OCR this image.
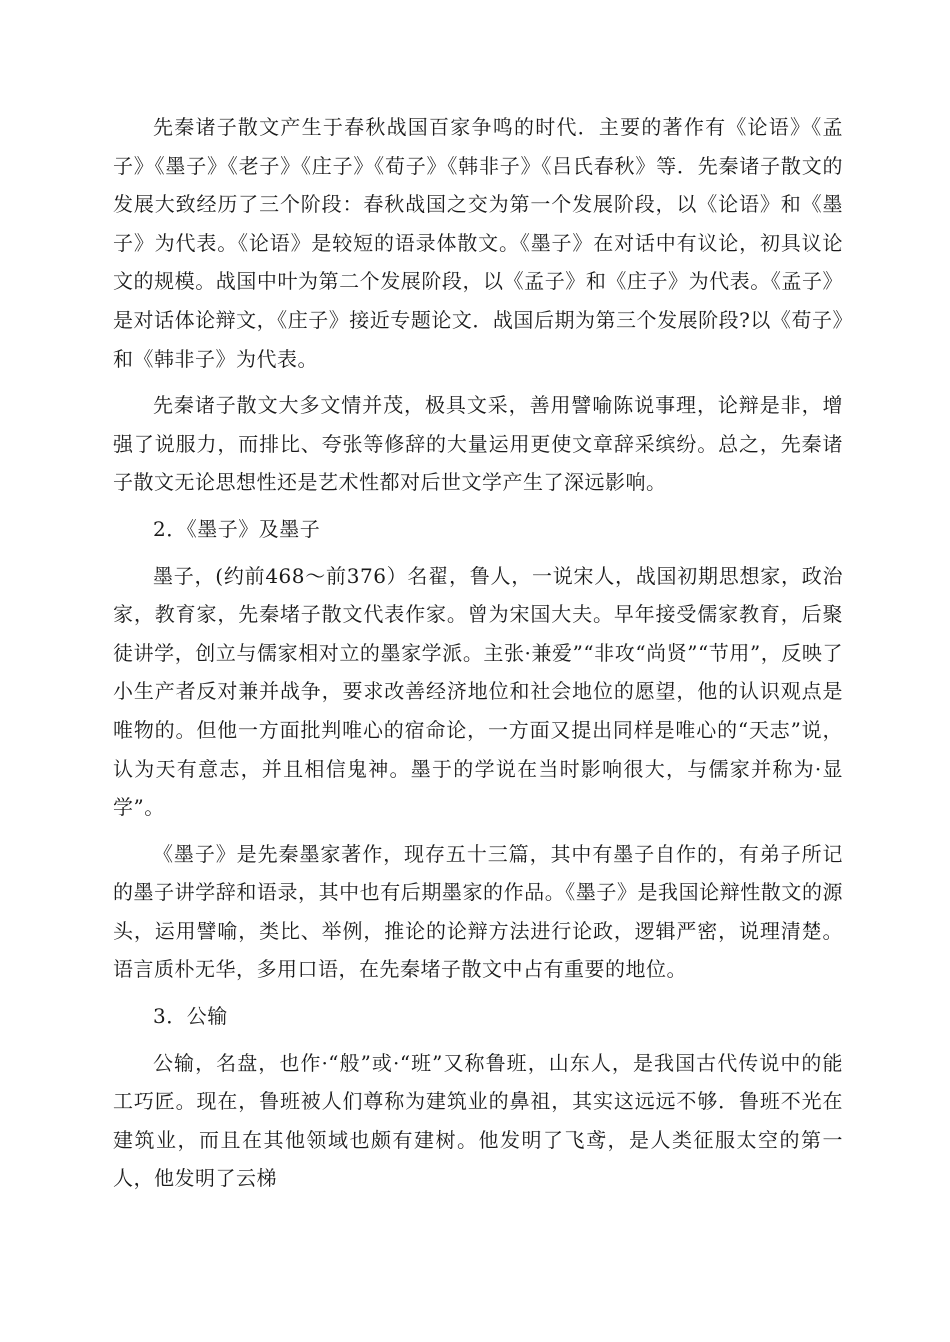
先秦诸子散文产生于春秋战国百家争鸣的时代．主要的著作有《论语》《孟子》《墨子》《老子》《庄子》《荀子》《韩非子》《吕氏春秋》等．先秦诸子散文的发展大致经历了三个阶段：春秋战国之交为第一个发展阶段，以《论语》和《墨子》为代表。《论语》是较短的语录体散文。《墨子》在对话中有议论，初具议论文的规模。战国中叶为第二个发展阶段，以《孟子》和《庄子》为代表。《孟子》是对话体论辩文，《庄子》接近专题论文．战国后期为第三个发展阶段?以《荀子》和《韩非子》为代表。

先秦诸子散文大多文情并茂，极具文采，善用譬喻陈说事理，论辩是非，增强了说服力，而排比、夸张等修辞的大量运用更使文章辞采缤纷。总之，先秦诸子散文无论思想性还是艺术性都对后世文学产生了深远影响。

2．《墨子》及墨子

墨子，(约前468～前376）名翟，鲁人，一说宋人，战国初期思想家，政治家，教育家，先秦堵子散文代表作家。曾为宋国大夫。早年接受儒家教育，后聚徒讲学，创立与儒家相对立的墨家学派。主张·兼爱”“非攻“尚贤”“节用”，反映了小生产者反对兼并战争，要求改善经济地位和社会地位的愿望，他的认识观点是唯物的。但他一方面批判唯心的宿命论，一方面又提出同样是唯心的“天志”说，认为天有意志，并且相信鬼神。墨于的学说在当时影响很大，与儒家并称为·显学”。

《墨子》是先秦墨家著作，现存五十三篇，其中有墨子自作的，有弟子所记的墨子讲学辞和语录，其中也有后期墨家的作品。《墨子》是我国论辩性散文的源头，运用譬喻，类比、举例，推论的论辩方法进行论政，逻辑严密，说理清楚。语言质朴无华，多用口语，在先秦堵子散文中占有重要的地位。

3．公输

公输，名盘，也作·“般”或·“班”又称鲁班，山东人，是我国古代传说中的能工巧匠。现在，鲁班被人们尊称为建筑业的鼻祖，其实这远远不够．鲁班不光在建筑业，而且在其他领域也颇有建树。他发明了飞鸢，是人类征服太空的第一人，他发明了云梯
